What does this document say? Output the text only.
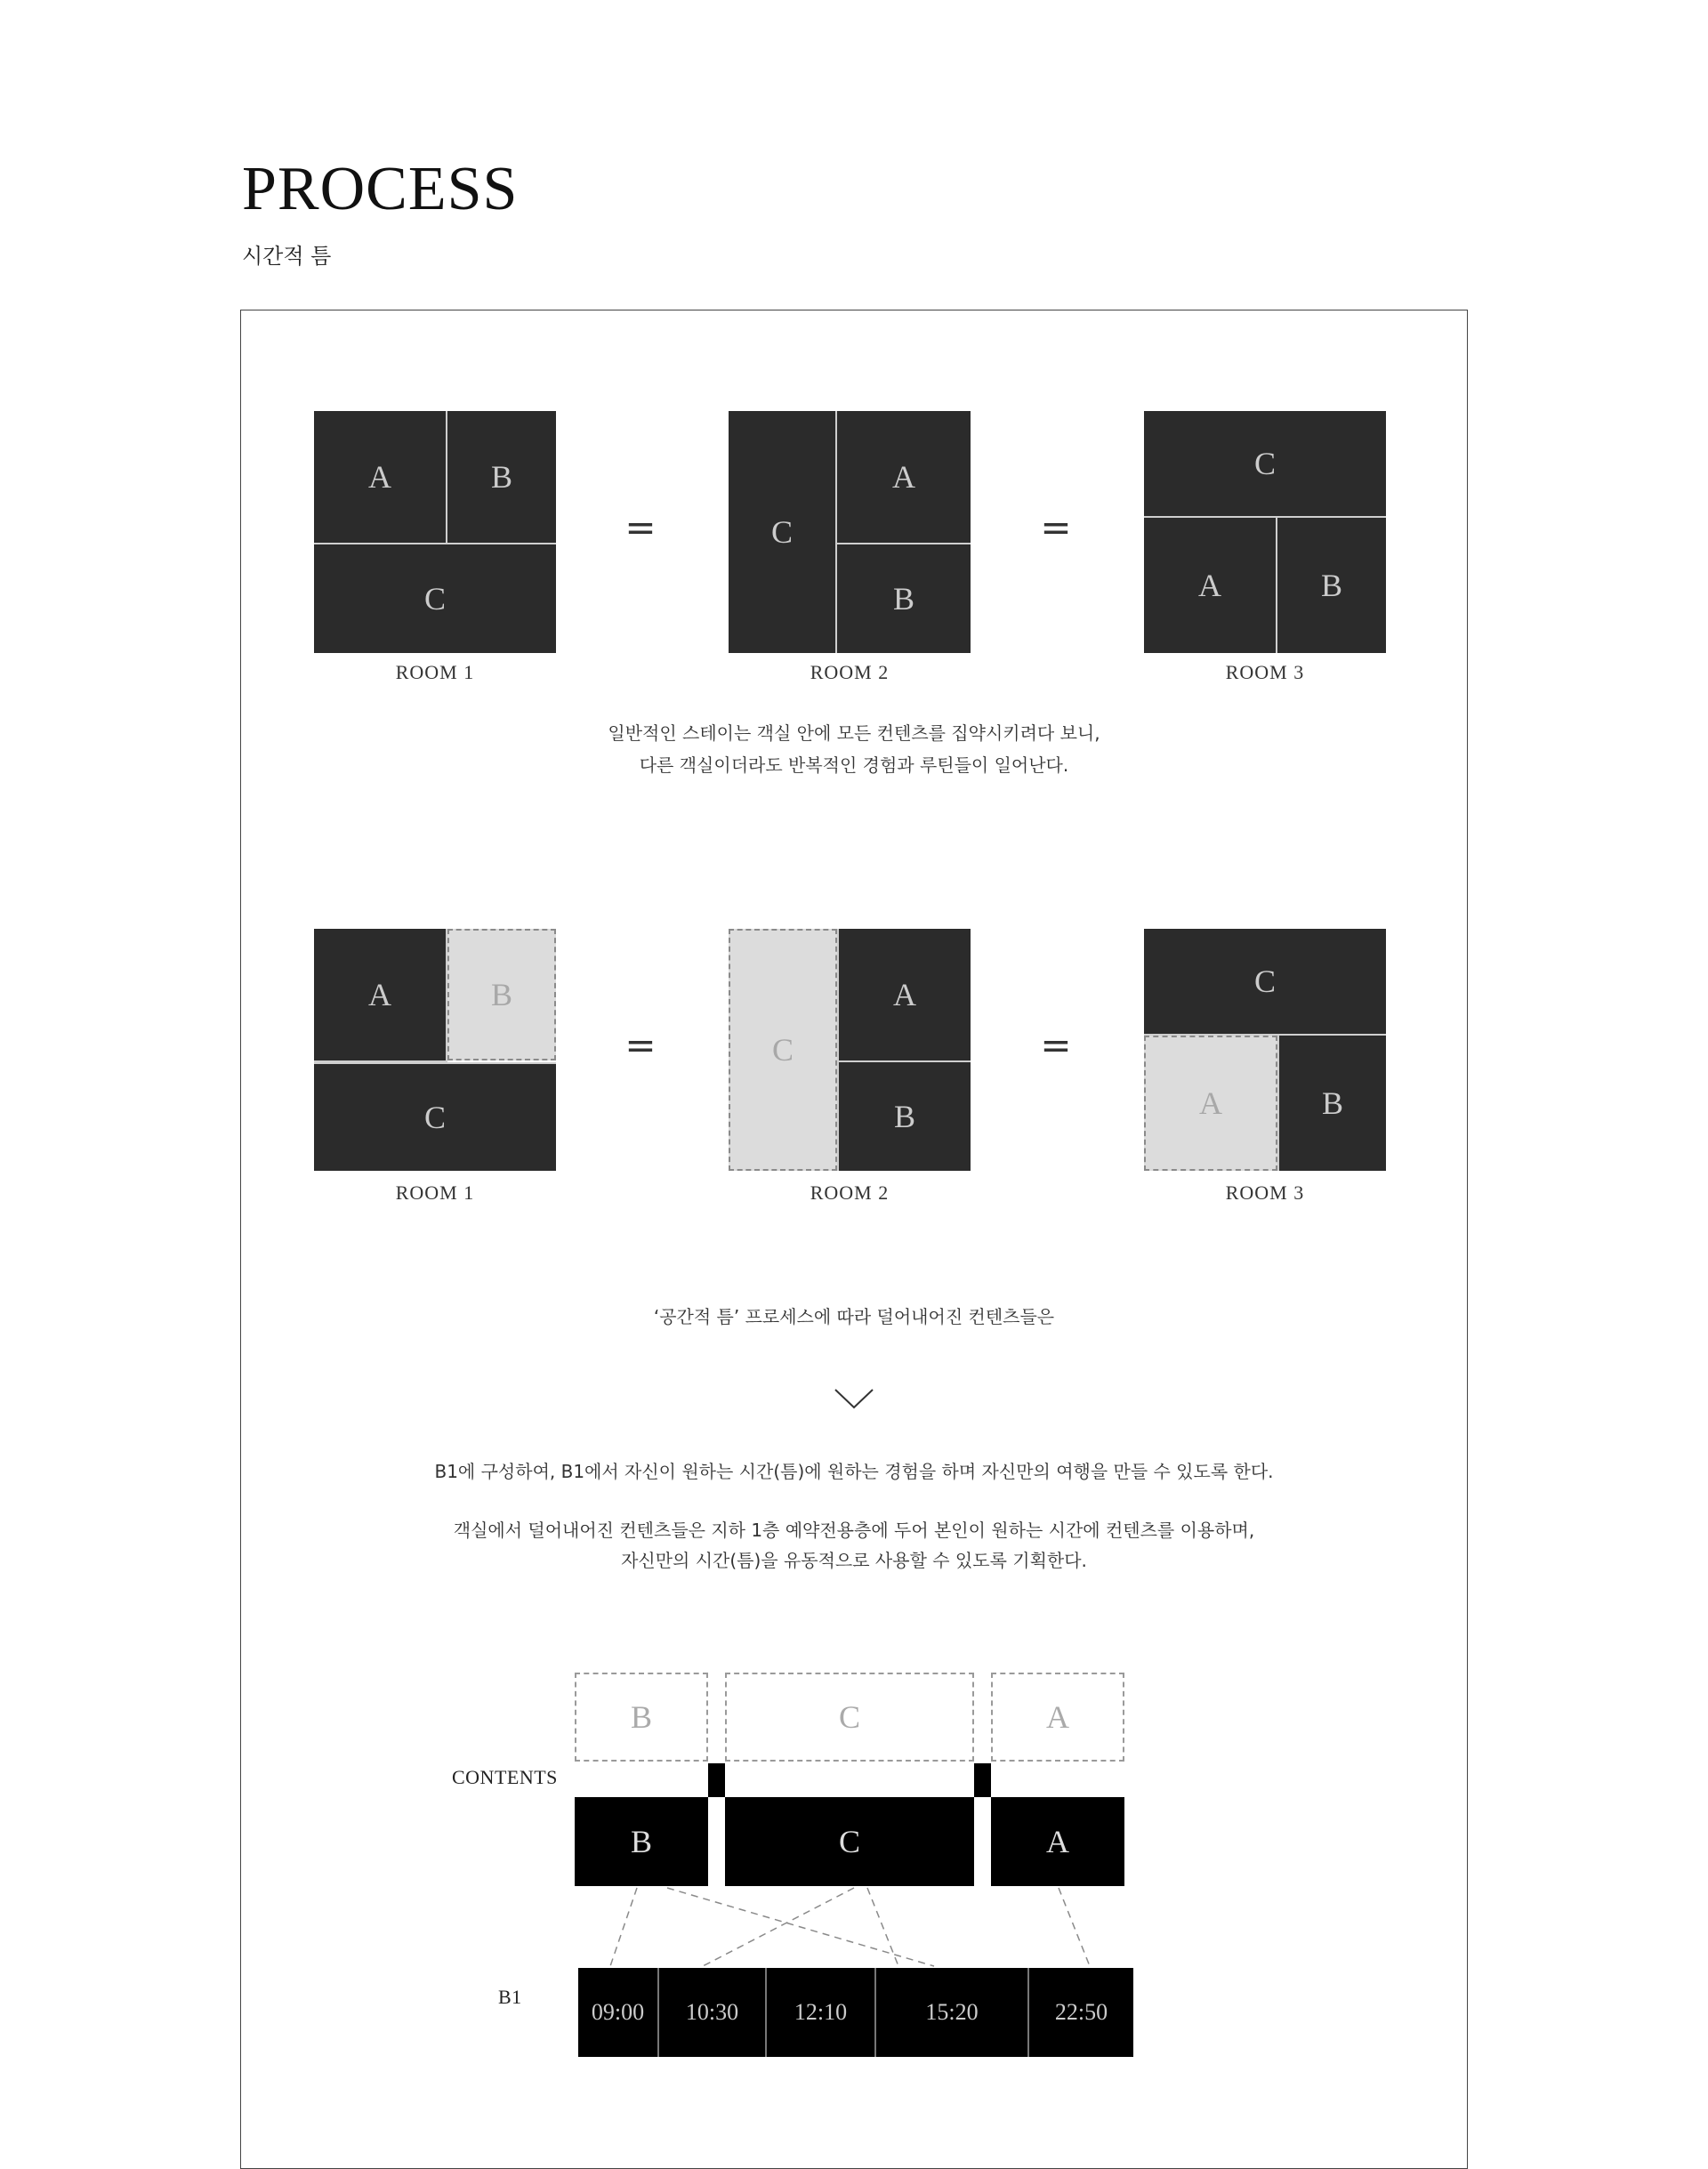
PROCESS
시간적 틈
A	B
C
=	C
A
B
=
C
A	B
ROOM 1	ROOM 2	ROOM 3
일반적인 스테이는 객실 안에 모든 컨텐츠를 집약시키려다 보니,
다른 객실이더라도 반복적인 경험과 루틴들이 일어난다.
A	B
C
=	C
A
B
=
C
A	B
ROOM 1	ROOM 2	ROOM 3
‘공간적 틈’ 프로세스에 따라 덜어내어진 컨텐츠들은
B1에 구성하여, B1에서 자신이 원하는 시간(틈)에 원하는 경험을 하며 자신만의 여행을 만들 수 있도록 한다.
객실에서 덜어내어진 컨텐츠들은 지하 1층 예약전용층에 두어 본인이 원하는 시간에 컨텐츠를 이용하며,
자신만의 시간(틈)을 유동적으로 사용할 수 있도록 기획한다.
CONTENTS
B1
B	C	A
B	C	A
09:00	10:30	12:10	15:20	22:50
